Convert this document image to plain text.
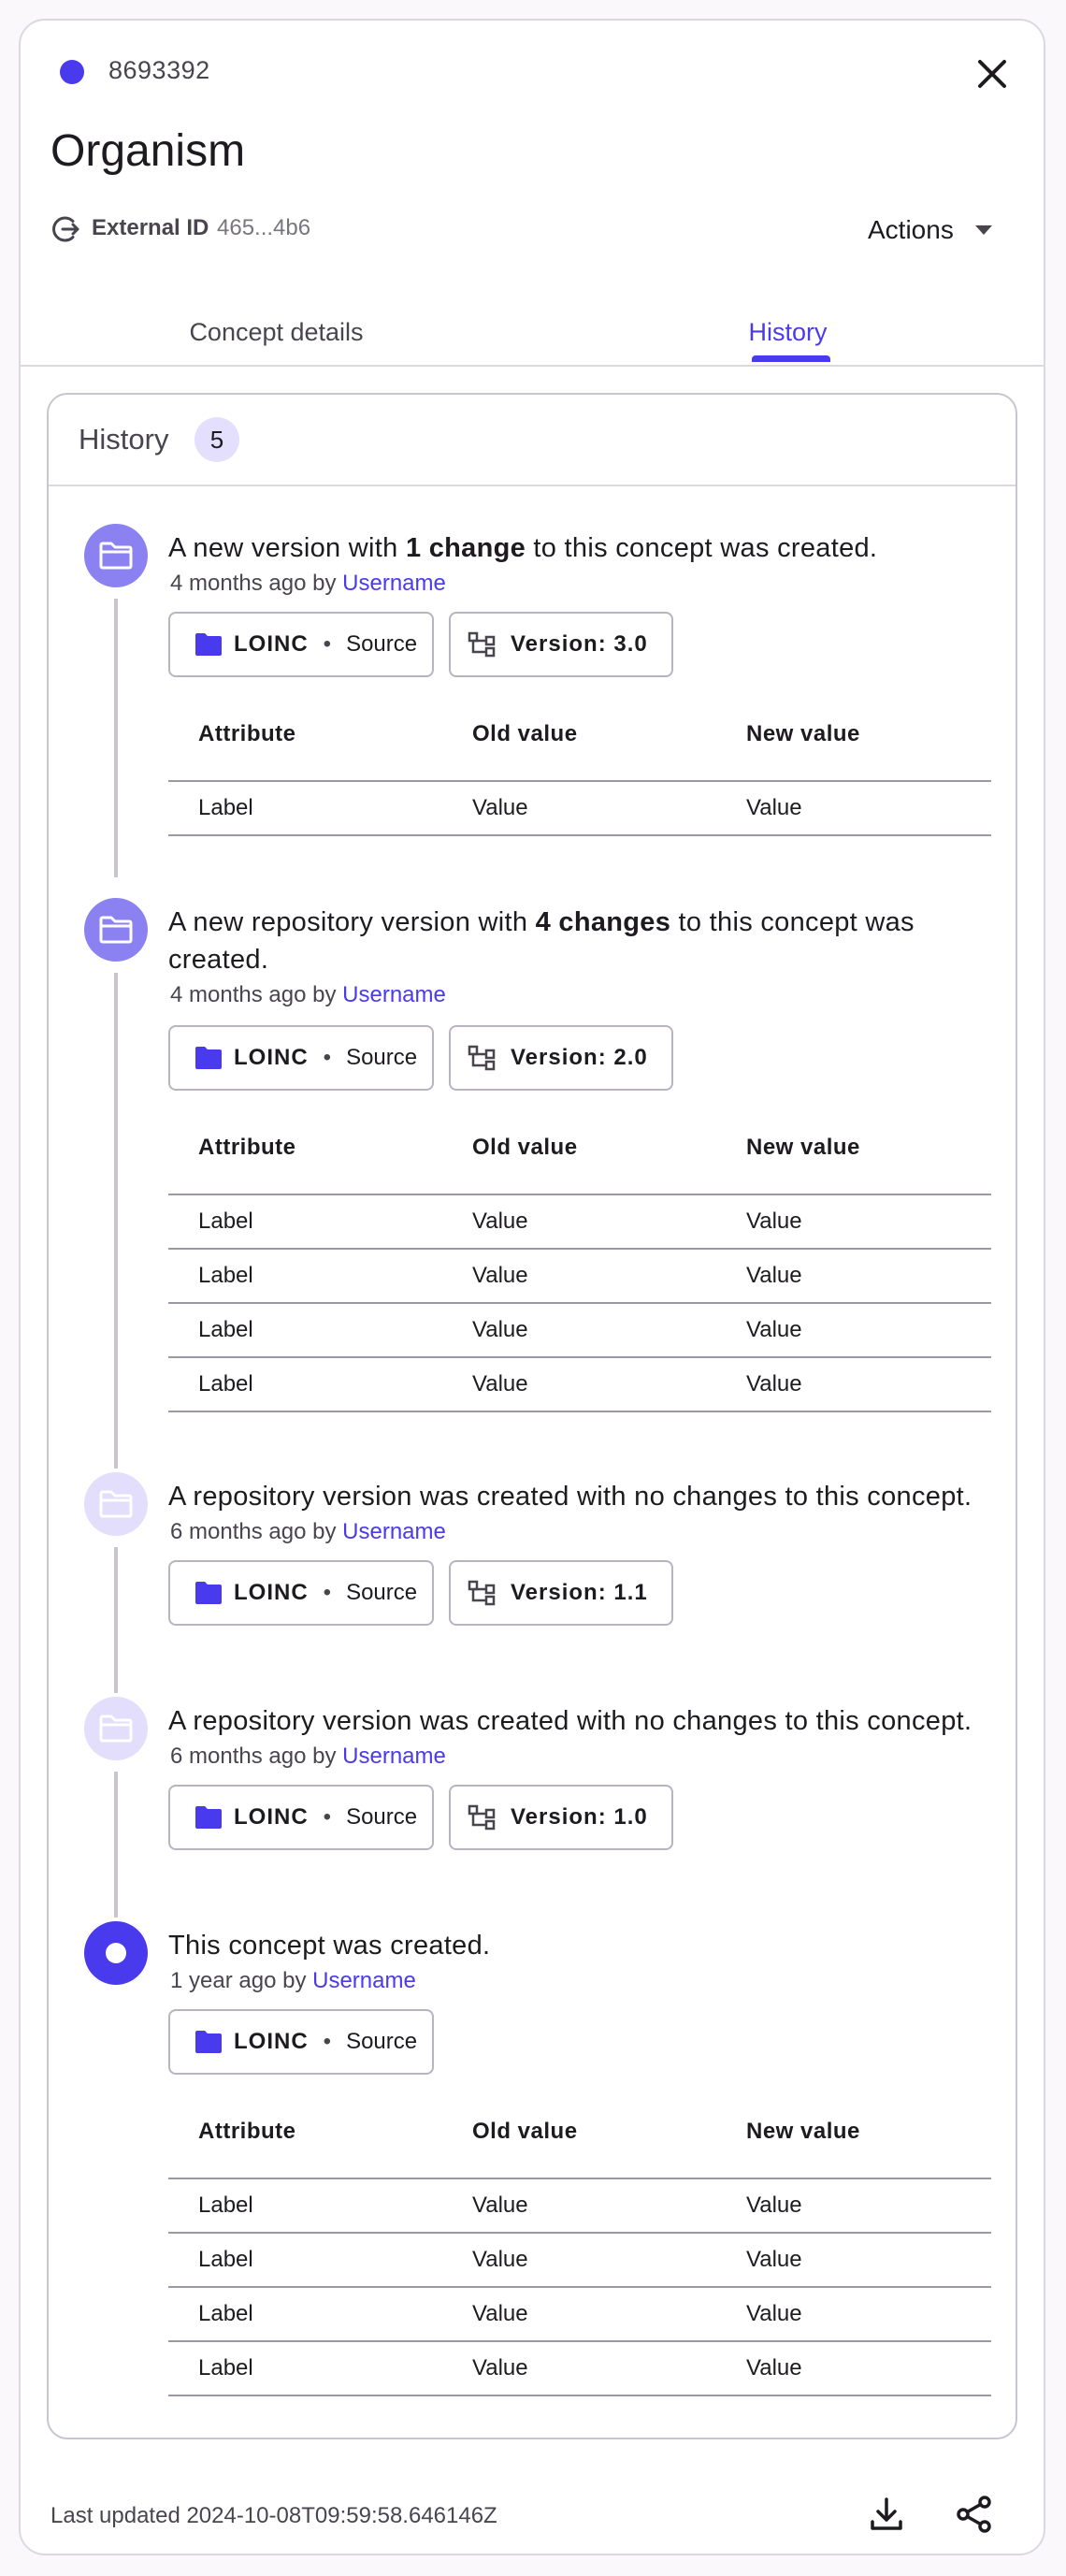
8693392
Organism
External ID 465...4b6	Actions
Concept details	History
History	5
A new version with 1 change to this concept was created.
4 months ago by Username
LOINC • Source	Version: 3.0
Attribute	Old value	New value
Label	Value	Value
A new repository version with 4 changes to this concept was created.
4 months ago by Username
LOINC • Source	Version: 2.0
Attribute	Old value	New value
Label	Value	Value
Label	Value	Value
Label	Value	Value
Label	Value	Value
A repository version was created with no changes to this concept.
6 months ago by Username
LOINC • Source	Version: 1.1
A repository version was created with no changes to this concept.
6 months ago by Username
LOINC • Source	Version: 1.0
This concept was created.
1 year ago by Username
LOINC • Source
Attribute	Old value	New value
Label	Value	Value
Label	Value	Value
Label	Value	Value
Label	Value	Value
Last updated 2024-10-08T09:59:58.646146Z
